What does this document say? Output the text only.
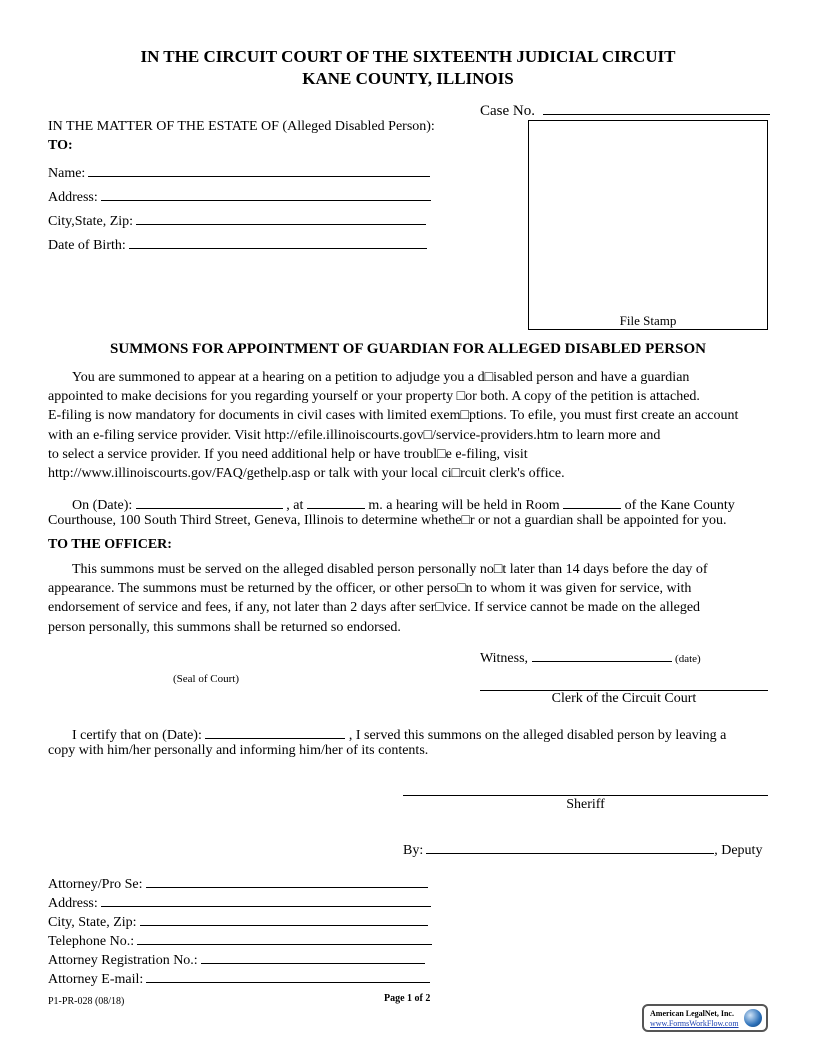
IN THE CIRCUIT COURT OF THE SIXTEENTH JUDICIAL CIRCUIT
KANE COUNTY, ILLINOIS
Case No.
IN THE MATTER OF THE ESTATE OF (Alleged Disabled Person):
TO:
Name:
Address:
City,State, Zip:
Date of Birth:
File Stamp
SUMMONS FOR APPOINTMENT OF GUARDIAN FOR ALLEGED DISABLED PERSON
You are summoned to appear at a hearing on a petition to adjudge you a d□isabled person and have a guardian
appointed to make decisions for you regarding yourself or your property □or both. A copy of the petition is attached.
E-filing is now mandatory for documents in civil cases with limited exem□ptions. To efile, you must first create an account
with an e-filing service provider. Visit http://efile.illinoiscourts.gov□/service-providers.htm to learn more and
to select a service provider. If you need additional help or have troubl□e e-filing, visit
http://www.illinoiscourts.gov/FAQ/gethelp.asp or talk with your local ci□rcuit clerk's office.
On (Date):	, at	m. a hearing will be held in Room	of the Kane County
Courthouse, 100 South Third Street, Geneva, Illinois to determine whethe□r or not a guardian shall be appointed for you.
TO THE OFFICER:
This summons must be served on the alleged disabled person personally no□t later than 14 days before the day of
appearance. The summons must be returned by the officer, or other perso□n to whom it was given for service, with
endorsement of service and fees, if any, not later than 2 days after ser□vice. If service cannot be made on the alleged
person personally, this summons shall be returned so endorsed.
Witness,	(date)
(Seal of Court)
Clerk of the Circuit Court
I certify that on (Date):	, I served this summons on the alleged disabled person by leaving a
copy with him/her personally and informing him/her of its contents.
Sheriff
By:	, Deputy
Attorney/Pro Se:
Address:
City, State, Zip:
Telephone No.:
Attorney Registration No.:
Attorney E-mail:
P1-PR-028 (08/18)	Page 1 of 2
American LegalNet, Inc.
www.FormsWorkFlow.com
